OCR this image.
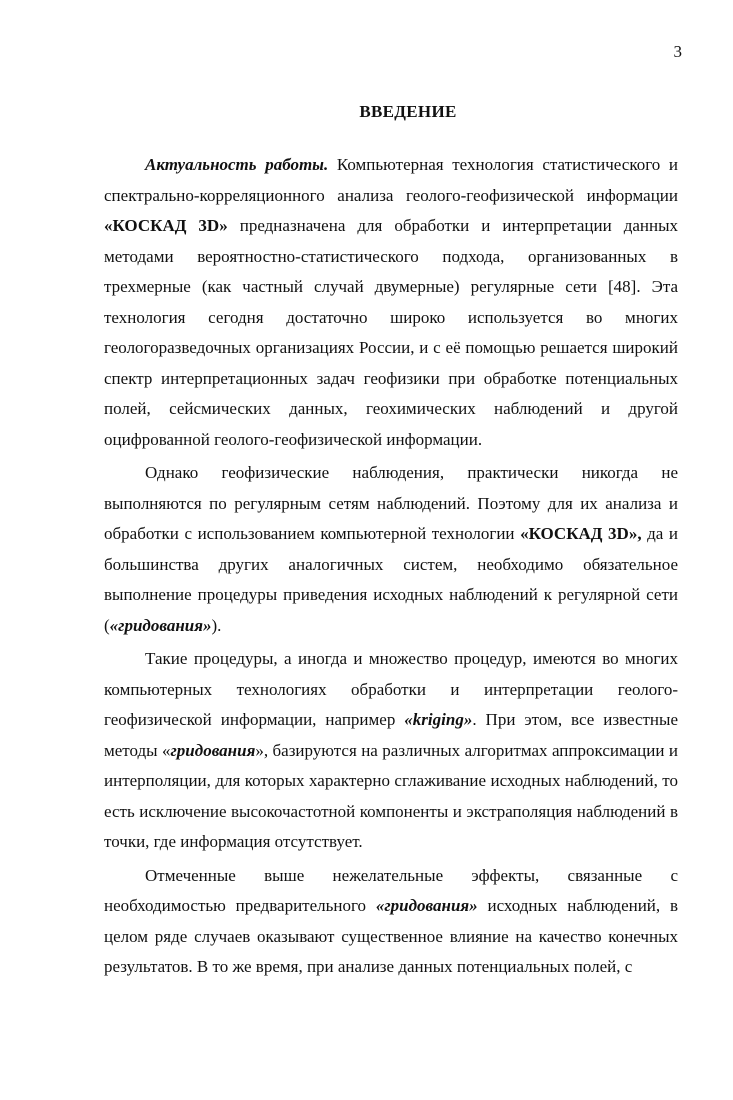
3
ВВЕДЕНИЕ

Актуальность работы. Компьютерная технология статистического и спектрально-корреляционного анализа геолого-геофизической информации «КОСКАД 3D» предназначена для обработки и интерпретации данных методами вероятностно-статистического подхода, организованных в трехмерные (как частный случай двумерные) регулярные сети [48]. Эта технология сегодня достаточно широко используется во многих геологоразведочных организациях России, и с её помощью решается широкий спектр интерпретационных задач геофизики при обработке потенциальных полей, сейсмических данных, геохимических наблюдений и другой оцифрованной геолого-геофизической информации.

Однако геофизические наблюдения, практически никогда не выполняются по регулярным сетям наблюдений. Поэтому для их анализа и обработки с использованием компьютерной технологии «КОСКАД 3D», да и большинства других аналогичных систем, необходимо обязательное выполнение процедуры приведения исходных наблюдений к регулярной сети («гридования»).

Такие процедуры, а иногда и множество процедур, имеются во многих компьютерных технологиях обработки и интерпретации геолого-геофизической информации, например «kriging». При этом, все известные методы «гридования», базируются на различных алгоритмах аппроксимации и интерполяции, для которых характерно сглаживание исходных наблюдений, то есть исключение высокочастотной компоненты и экстраполяция наблюдений в точки, где информация отсутствует.

Отмеченные выше нежелательные эффекты, связанные с необходимостью предварительного «гридования» исходных наблюдений, в целом ряде случаев оказывают существенное влияние на качество конечных результатов. В то же время, при анализе данных потенциальных полей, с
